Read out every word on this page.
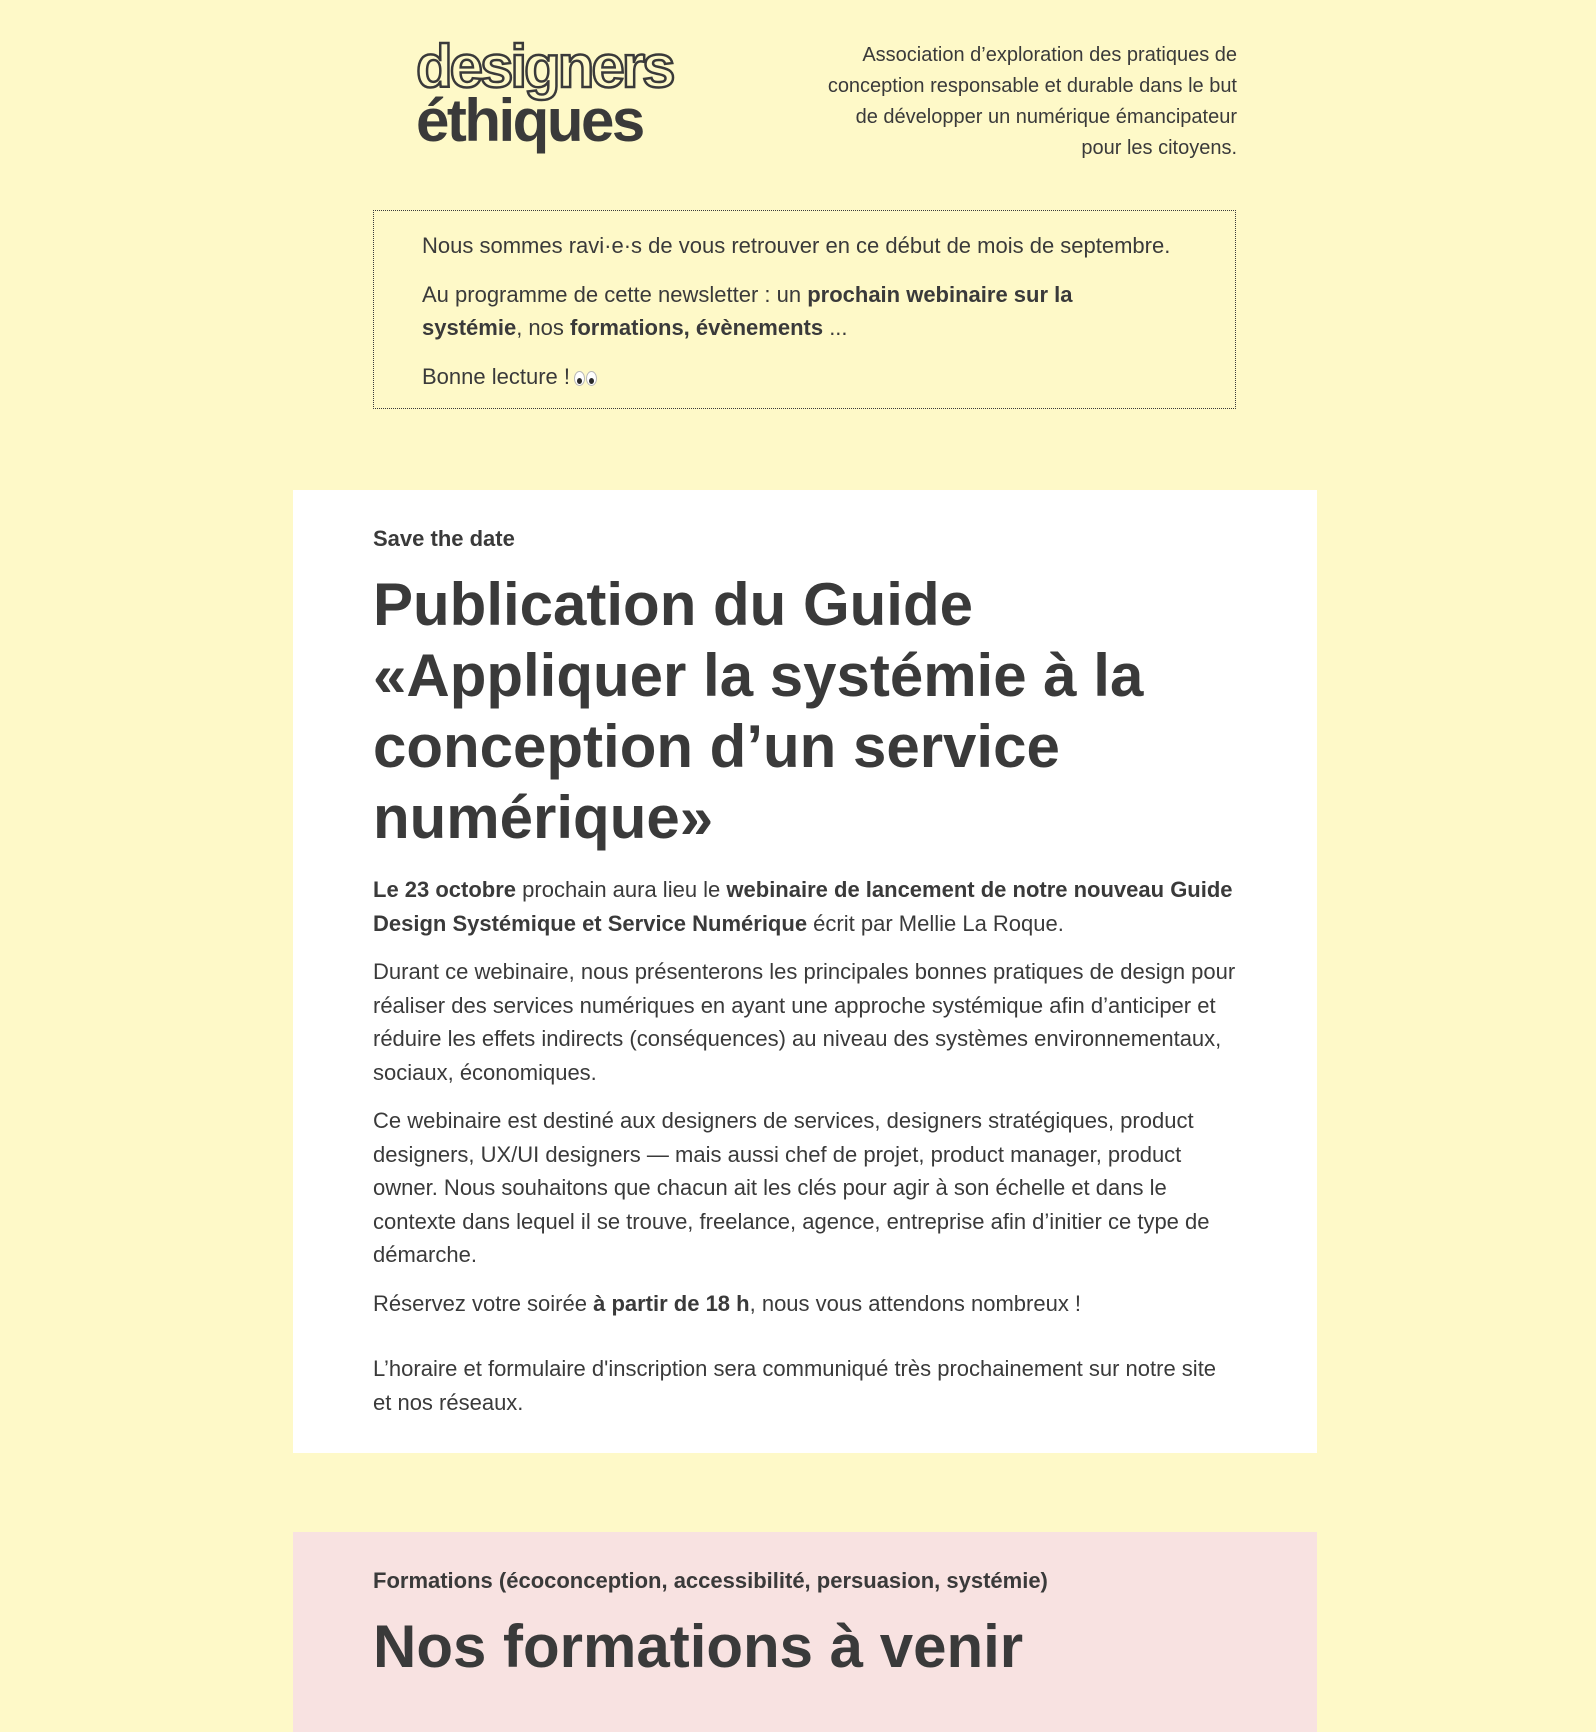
designers
éthiques
Association d’exploration des pratiques de conception responsable et durable dans le but de développer un numérique émancipateur pour les citoyens.

Nous sommes ravi·e·s de vous retrouver en ce début de mois de septembre.

Au programme de cette newsletter : un prochain webinaire sur la systémie, nos formations, évènements ...

Bonne lecture !

Save the date
Publication du Guide «Appliquer la systémie à la conception d’un service numérique»

Le 23 octobre prochain aura lieu le webinaire de lancement de notre nouveau Guide Design Systémique et Service Numérique écrit par Mellie La Roque.

Durant ce webinaire, nous présenterons les principales bonnes pratiques de design pour réaliser des services numériques en ayant une approche systémique afin d’anticiper et réduire les effets indirects (conséquences) au niveau des systèmes environnementaux, sociaux, économiques.

Ce webinaire est destiné aux designers de services, designers stratégiques, product designers, UX/UI designers — mais aussi chef de projet, product manager, product owner. Nous souhaitons que chacun ait les clés pour agir à son échelle et dans le contexte dans lequel il se trouve, freelance, agence, entreprise afin d’initier ce type de démarche.

Réservez votre soirée à partir de 18 h, nous vous attendons nombreux !

L’horaire et formulaire d'inscription sera communiqué très prochainement sur notre site et nos réseaux.

Formations (écoconception, accessibilité, persuasion, systémie)
Nos formations à venir
